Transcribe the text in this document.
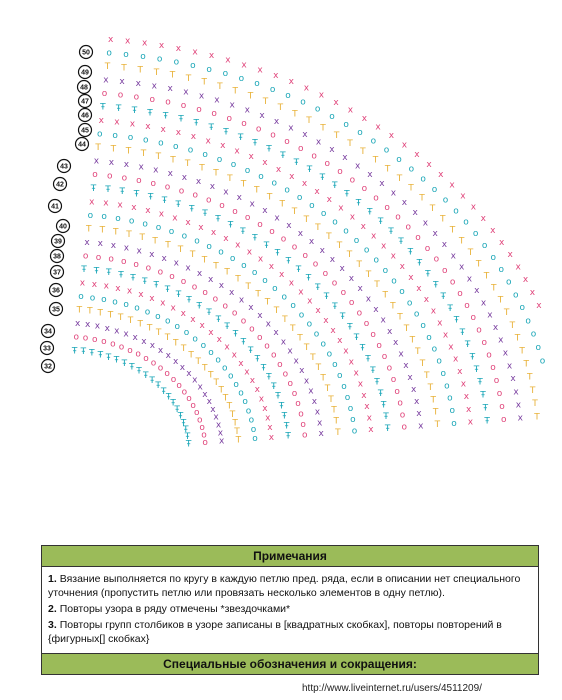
x
x
x
x
x
x
x
x
x
x
x
x
x
x
x
x
x
x
x
x
x
x
x
x
x
x
x
x
x
x
x
x
x
x
o
o
o
o
o
o
o
o
o
o
o
o
o
o
o
o
o
o
o
o
o
o
o
o
o
o
o
o
o
o
o
o
o
o
o
o
o
T
T
T
T
T
T
T
T
T
T
T
T
T
T
T
T
T
T
T
T
T
T
T
T
T
T
T
T
T
T
T
T
T
T
T
T
T
T
T
T
T
x
x
x
x
x
x
x
x
x
x
x
x
x
x
x
x
x
x
x
x
x
x
x
x
x
x
x
x
x
x
x
x
x
x
x
x
x
x
x
x
o
o
o
o
o
o
o
o
o
o
o
o
o
o
o
o
o
o
o
o
o
o
o
o
o
o
o
o
o
o
o
o
o
o
o
o
o
o
o
Ŧ
Ŧ
Ŧ
Ŧ
Ŧ
Ŧ
Ŧ
Ŧ
Ŧ
Ŧ
Ŧ
Ŧ
Ŧ
Ŧ
Ŧ
Ŧ
Ŧ
Ŧ
Ŧ
Ŧ
Ŧ
Ŧ
Ŧ
Ŧ
Ŧ
Ŧ
Ŧ
Ŧ
Ŧ
Ŧ
Ŧ
Ŧ
Ŧ
Ŧ
Ŧ
Ŧ
Ŧ
Ŧ
x
x
x
x
x
x
x
x
x
x
x
x
x
x
x
x
x
x
x
x
x
x
x
x
x
x
x
x
x
x
x
x
x
x
x
x
x
o
o
o
o
o
o
o
o
o
o
o
o
o
o
o
o
o
o
o
o
o
o
o
o
o
o
o
o
o
o
o
o
o
o
o
o
T
T
T
T
T
T
T
T
T
T
T
T
T
T
T
T
T
T
T
T
T
T
T
T
T
T
T
T
T
T
T
T
T
T
T
x
x
x
x
x
x
x
x
x
x
x
x
x
x
x
x
x
x
x
x
x
x
x
x
x
x
x
x
x
x
x
x
x
x
o
o
o
o
o
o
o
o
o
o
o
o
o
o
o
o
o
o
o
o
o
o
o
o
o
o
o
o
o
o
o
o
o
Ŧ
Ŧ
Ŧ
Ŧ
Ŧ
Ŧ
Ŧ
Ŧ
Ŧ
Ŧ
Ŧ
Ŧ
Ŧ
Ŧ
Ŧ
Ŧ
Ŧ
Ŧ
Ŧ
Ŧ
Ŧ
Ŧ
Ŧ
Ŧ
Ŧ
Ŧ
Ŧ
Ŧ
Ŧ
Ŧ
Ŧ
Ŧ
x
x
x
x
x
x
x
x
x
x
x
x
x
x
x
x
x
x
x
x
x
x
x
x
x
x
x
x
x
x
x
o
o
o
o
o
o
o
o
o
o
o
o
o
o
o
o
o
o
o
o
o
o
o
o
o
o
o
o
o
o
T
T
T
T
T
T
T
T
T
T
T
T
T
T
T
T
T
T
T
T
T
T
T
T
T
T
T
T
T
x
x
x
x
x
x
x
x
x
x
x
x
x
x
x
x
x
x
x
x
x
x
x
x
x
x
x
x
o
o
o
o
o
o
o
o
o
o
o
o
o
o
o
o
o
o
o
o
o
o
o
o
o
o
o
Ŧ
Ŧ
Ŧ
Ŧ
Ŧ
Ŧ
Ŧ
Ŧ
Ŧ
Ŧ
Ŧ
Ŧ
Ŧ
Ŧ
Ŧ
Ŧ
Ŧ
Ŧ
Ŧ
Ŧ
Ŧ
Ŧ
Ŧ
Ŧ
Ŧ
Ŧ
x
x
x
x
x
x
x
x
x
x
x
x
x
x
x
x
x
x
x
x
x
x
x
x
x
o
o
o
o
o
o
o
o
o
o
o
o
o
o
o
o
o
o
o
o
o
o
o
o
T
T
T
T
T
T
T
T
T
T
T
T
T
T
T
T
T
T
T
T
T
T
T
T
x
x
x
x
x
x
x
x
x
x
x
x
x
x
x
x
x
x
x
x
x
x
x
o
o
o
o
o
o
o
o
o
o
o
o
o
o
o
o
o
o
o
o
o
o
Ŧ
Ŧ
Ŧ
Ŧ
Ŧ
Ŧ
Ŧ
Ŧ
Ŧ
Ŧ
Ŧ
Ŧ
Ŧ
Ŧ
Ŧ
Ŧ
Ŧ
Ŧ
Ŧ
Ŧ
Ŧ
50
49
48
47
46
45
44
43
42
41
40
39
38
37
36
35
34
33
32
Примечания

1. Вязание выполняется по кругу в каждую петлю пред. ряда, если в описании нет специального уточнения (пропустить петлю или провязать несколько элементов в одну петлю).

2. Повторы узора в ряду отмечены *звездочками*

3. Повторы групп столбиков в узоре записаны в [квадратных скобках], повторы повторений в {фигурных[] скобках}

Специальные обозначения и сокращения:
http://www.liveinternet.ru/users/4511209/
